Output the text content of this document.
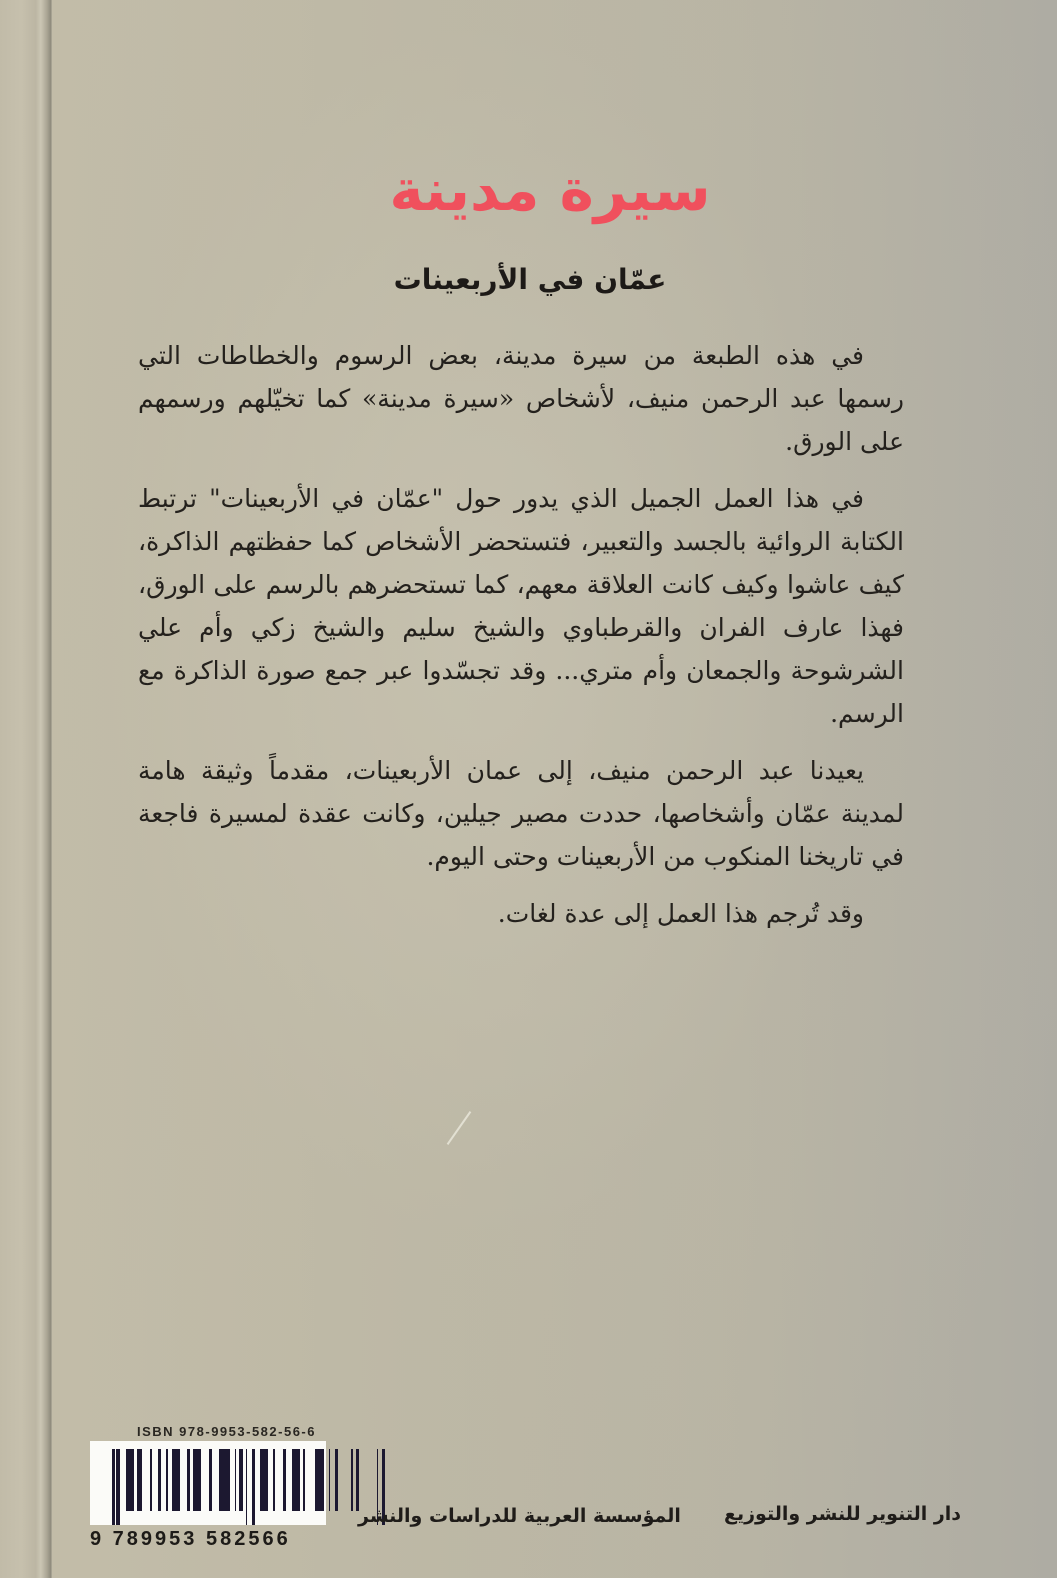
سيرة مدينة
عمّان في الأربعينات

في هذه الطبعة من سيرة مدينة، بعض الرسوم والخطاطات التي رسمها عبد الرحمن منيف، لأشخاص «سيرة مدينة» كما تخيّلهم ورسمهم على الورق.

في هذا العمل الجميل الذي يدور حول "عمّان في الأربعينات" ترتبط الكتابة الروائية بالجسد والتعبير، فتستحضر الأشخاص كما حفظتهم الذاكرة، كيف عاشوا وكيف كانت العلاقة معهم، كما تستحضرهم بالرسم على الورق، فهذا عارف الفران والقرطباوي والشيخ سليم والشيخ زكي وأم علي الشرشوحة والجمعان وأم متري... وقد تجسّدوا عبر جمع صورة الذاكرة مع الرسم.

يعيدنا عبد الرحمن منيف، إلى عمان الأربعينات، مقدماً وثيقة هامة لمدينة عمّان وأشخاصها، حددت مصير جيلين، وكانت عقدة لمسيرة فاجعة في تاريخنا المنكوب من الأربعينات وحتى اليوم.

وقد تُرجم هذا العمل إلى عدة لغات.

ISBN 978-9953-582-56-6
9 789953 582566
دار التنوير للنشر والتوزيع
المؤسسة العربية للدراسات والنشر
